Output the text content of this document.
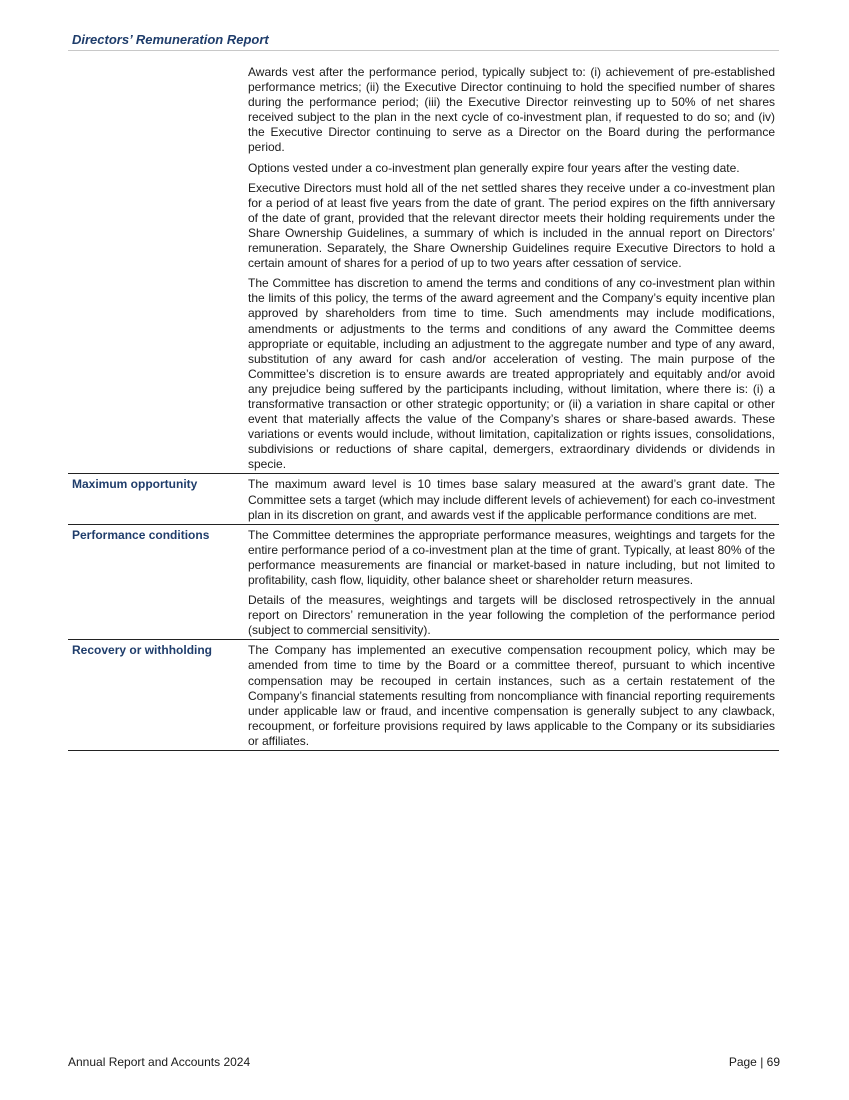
Directors’ Remuneration Report

	Awards vest after the performance period, typically subject to: (i) achievement of pre-established performance metrics; (ii) the Executive Director continuing to hold the specified number of shares during the performance period; (iii) the Executive Director reinvesting up to 50% of net shares received subject to the plan in the next cycle of co-investment plan, if requested to do so; and (iv) the Executive Director continuing to serve as a Director on the Board during the performance period.

Options vested under a co-investment plan generally expire four years after the vesting date.

Executive Directors must hold all of the net settled shares they receive under a co-investment plan for a period of at least five years from the date of grant. The period expires on the fifth anniversary of the date of grant, provided that the relevant director meets their holding requirements under the Share Ownership Guidelines, a summary of which is included in the annual report on Directors’ remuneration. Separately, the Share Ownership Guidelines require Executive Directors to hold a certain amount of shares for a period of up to two years after cessation of service.

The Committee has discretion to amend the terms and conditions of any co-investment plan within the limits of this policy, the terms of the award agreement and the Company’s equity incentive plan approved by shareholders from time to time. Such amendments may include modifications, amendments or adjustments to the terms and conditions of any award the Committee deems appropriate or equitable, including an adjustment to the aggregate number and type of any award, substitution of any award for cash and/or acceleration of vesting. The main purpose of the Committee’s discretion is to ensure awards are treated appropriately and equitably and/or avoid any prejudice being suffered by the participants including, without limitation, where there is: (i) a transformative transaction or other strategic opportunity; or (ii) a variation in share capital or other event that materially affects the value of the Company’s shares or share-based awards. These variations or events would include, without limitation, capitalization or rights issues, consolidations, subdivisions or reductions of share capital, demergers, extraordinary dividends or dividends in specie.

Maximum opportunity	The maximum award level is 10 times base salary measured at the award’s grant date. The Committee sets a target (which may include different levels of achievement) for each co-investment plan in its discretion on grant, and awards vest if the applicable performance conditions are met.

Performance conditions	The Committee determines the appropriate performance measures, weightings and targets for the entire performance period of a co-investment plan at the time of grant. Typically, at least 80% of the performance measurements are financial or market-based in nature including, but not limited to profitability, cash flow, liquidity, other balance sheet or shareholder return measures.

Details of the measures, weightings and targets will be disclosed retrospectively in the annual report on Directors’ remuneration in the year following the completion of the performance period (subject to commercial sensitivity).

Recovery or withholding	The Company has implemented an executive compensation recoupment policy, which may be amended from time to time by the Board or a committee thereof, pursuant to which incentive compensation may be recouped in certain instances, such as a certain restatement of the Company’s financial statements resulting from noncompliance with financial reporting requirements under applicable law or fraud, and incentive compensation is generally subject to any clawback, recoupment, or forfeiture provisions required by laws applicable to the Company or its subsidiaries or affiliates.

Annual Report and Accounts 2024	Page | 69
